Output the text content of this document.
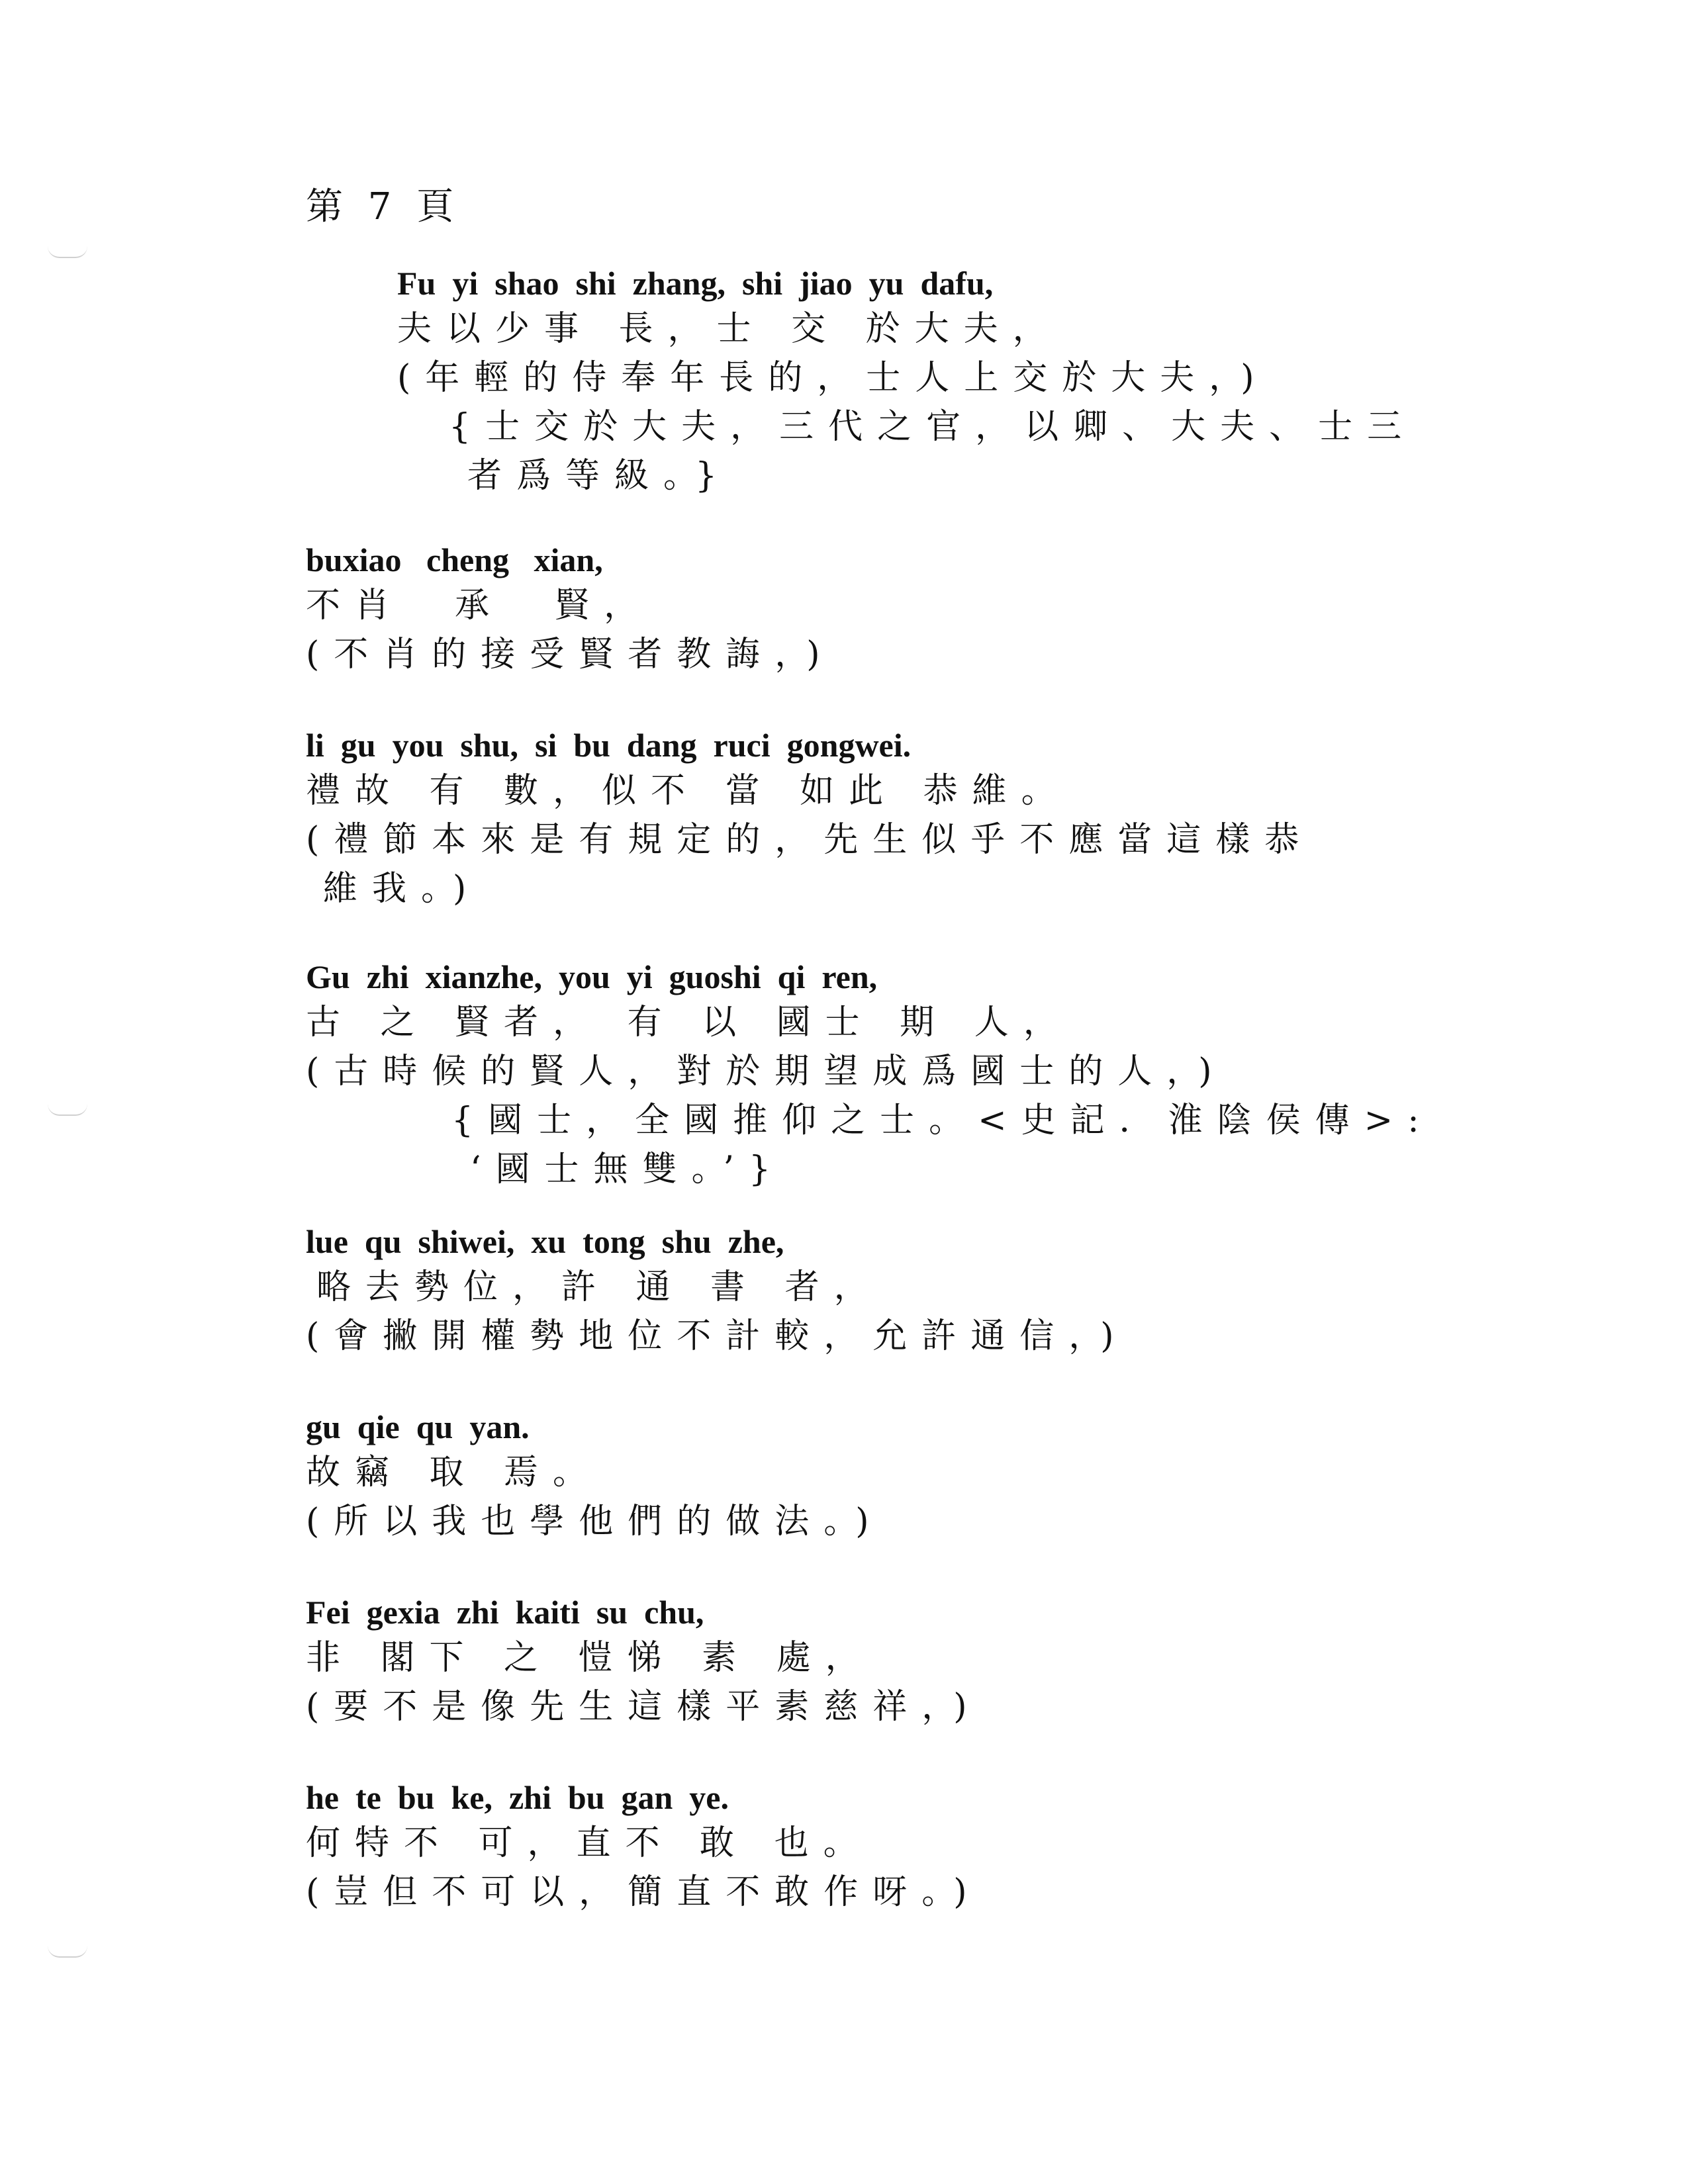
第 7 頁
Fu  yi  shao  shi  zhang,  shi  jiao  yu  dafu,
夫以少事 長，士 交 於大夫，
(年輕的侍奉年長的，士人上交於大夫，)
{士交於大夫，三代之官，以卿、大夫、士三
者爲等級。}
buxiao   cheng   xian,
不肖  承  賢，
(不肖的接受賢者教誨，)
li  gu  you  shu,  si  bu  dang  ruci  gongwei.
禮故 有 數，似不 當 如此 恭維。
(禮節本來是有規定的，先生似乎不應當這樣恭
維我。)
Gu  zhi  xianzhe,  you  yi  guoshi  qi  ren,
古 之 賢者， 有 以 國士 期 人，
(古時候的賢人，對於期望成爲國士的人，)
{國士，全國推仰之士。<史記．淮陰侯傳>:
‘國士無雙。’}
lue  qu  shiwei,  xu  tong  shu  zhe,
略去勢位，許 通 書 者，
(會撇開權勢地位不計較，允許通信，)
gu  qie  qu  yan.
故竊 取 焉。
(所以我也學他們的做法。)
Fei  gexia  zhi  kaiti  su  chu,
非 閣下 之 愷悌 素 處，
(要不是像先生這樣平素慈祥，)
he  te  bu  ke,  zhi  bu  gan  ye.
何特不 可，直不 敢 也。
(豈但不可以，簡直不敢作呀。)
